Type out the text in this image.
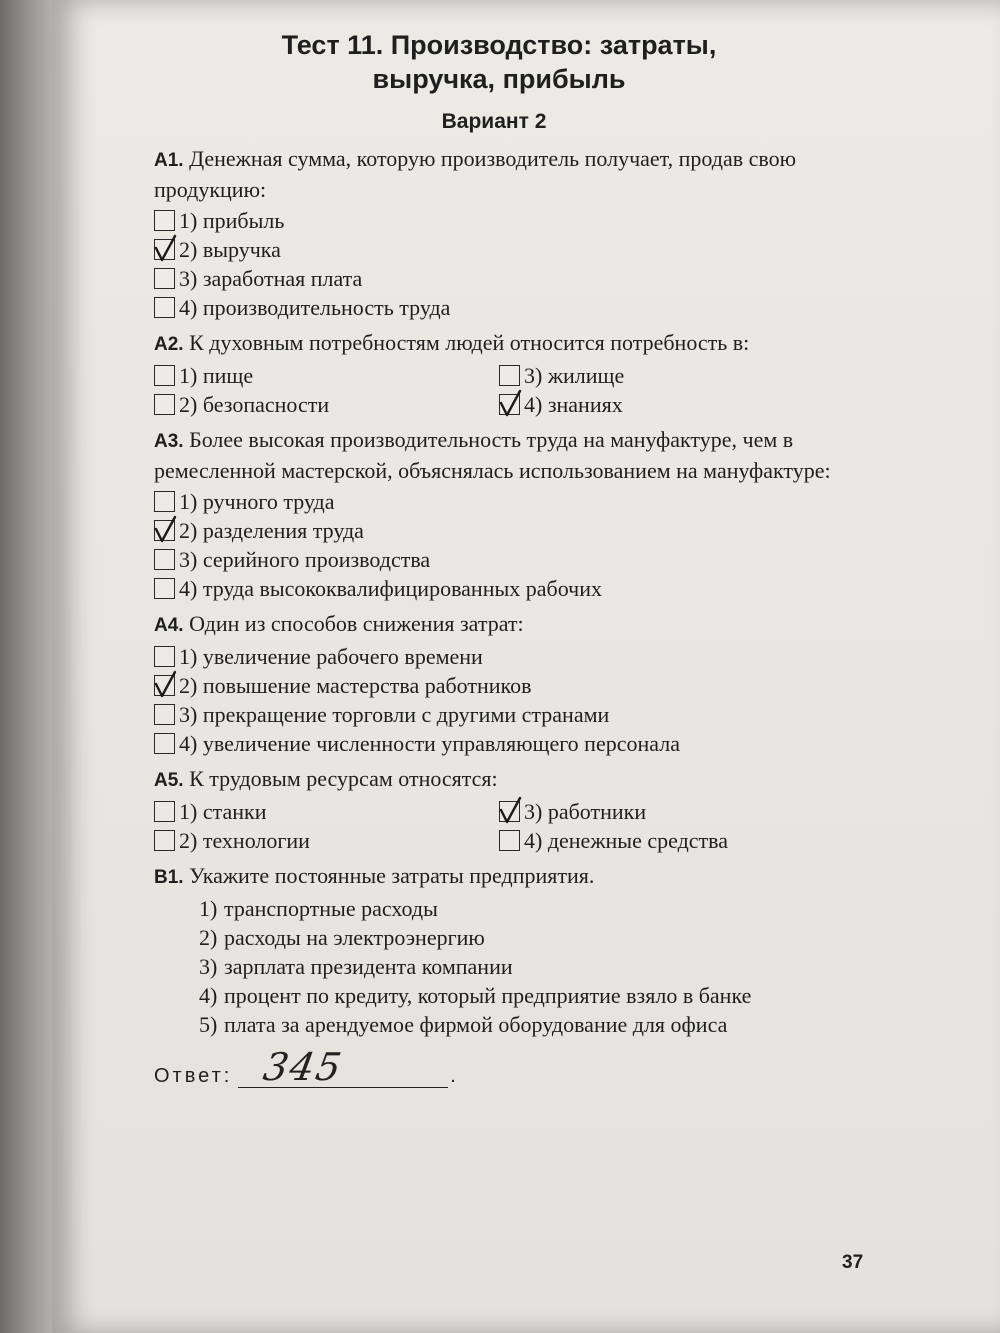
Тест 11. Производство: затраты,
выручка, прибыль
Вариант 2
А1. Денежная сумма, которую производитель получает, продав свою продукцию:
1) прибыль
2) выручка
3) заработная плата
4) производительность труда
А2. К духовным потребностям людей относится потребность в:
1) пище	3) жилище
2) безопасности	4) знаниях
А3. Более высокая производительность труда на мануфактуре, чем в ремесленной мастерской, объяснялась использованием на мануфактуре:
1) ручного труда
2) разделения труда
3) серийного производства
4) труда высококвалифицированных рабочих
А4. Один из способов снижения затрат:
1) увеличение рабочего времени
2) повышение мастерства работников
3) прекращение торговли с другими странами
4) увеличение численности управляющего персонала
А5. К трудовым ресурсам относятся:
1) станки	3) работники
2) технологии	4) денежные средства
В1. Укажите постоянные затраты предприятия.
1) транспортные расходы
2) расходы на электроэнергию
3) зарплата президента компании
4) процент по кредиту, который предприятие взяло в банке
5) плата за арендуемое фирмой оборудование для офиса
Ответ: 345	.
37
